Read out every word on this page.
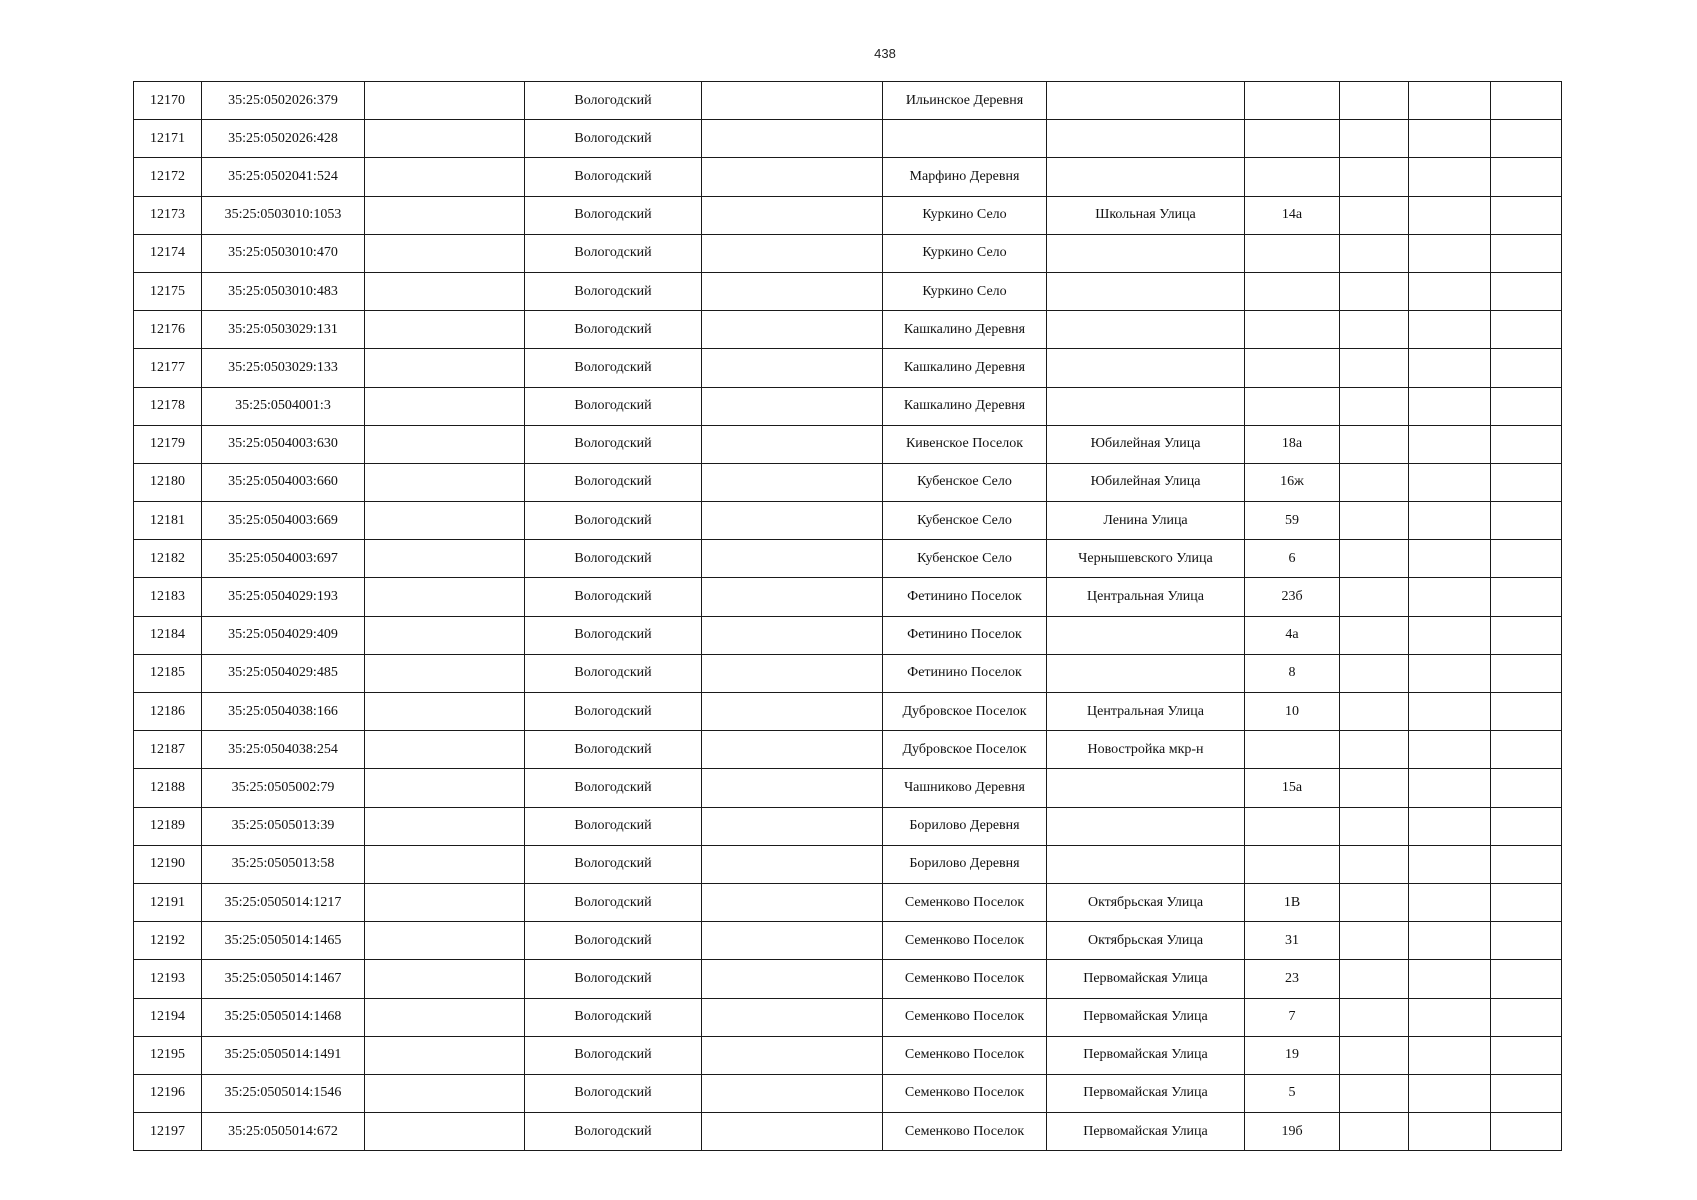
438
12170	35:25:0502026:379		Вологодский		Ильинское Деревня					
12171	35:25:0502026:428		Вологодский							
12172	35:25:0502041:524		Вологодский		Марфино Деревня					
12173	35:25:0503010:1053		Вологодский		Куркино Село	Школьная Улица	14а			
12174	35:25:0503010:470		Вологодский		Куркино Село					
12175	35:25:0503010:483		Вологодский		Куркино Село					
12176	35:25:0503029:131		Вологодский		Кашкалино Деревня					
12177	35:25:0503029:133		Вологодский		Кашкалино Деревня					
12178	35:25:0504001:3		Вологодский		Кашкалино Деревня					
12179	35:25:0504003:630		Вологодский		Кивенское Поселок	Юбилейная Улица	18а			
12180	35:25:0504003:660		Вологодский		Кубенское Село	Юбилейная Улица	16ж			
12181	35:25:0504003:669		Вологодский		Кубенское Село	Ленина Улица	59			
12182	35:25:0504003:697		Вологодский		Кубенское Село	Чернышевского Улица	6			
12183	35:25:0504029:193		Вологодский		Фетинино Поселок	Центральная Улица	23б			
12184	35:25:0504029:409		Вологодский		Фетинино Поселок		4а			
12185	35:25:0504029:485		Вологодский		Фетинино Поселок		8			
12186	35:25:0504038:166		Вологодский		Дубровское Поселок	Центральная Улица	10			
12187	35:25:0504038:254		Вологодский		Дубровское Поселок	Новостройка мкр-н				
12188	35:25:0505002:79		Вологодский		Чашниково Деревня		15а			
12189	35:25:0505013:39		Вологодский		Борилово Деревня					
12190	35:25:0505013:58		Вологодский		Борилово Деревня					
12191	35:25:0505014:1217		Вологодский		Семенково Поселок	Октябрьская Улица	1В			
12192	35:25:0505014:1465		Вологодский		Семенково Поселок	Октябрьская Улица	31			
12193	35:25:0505014:1467		Вологодский		Семенково Поселок	Первомайская Улица	23			
12194	35:25:0505014:1468		Вологодский		Семенково Поселок	Первомайская Улица	7			
12195	35:25:0505014:1491		Вологодский		Семенково Поселок	Первомайская Улица	19			
12196	35:25:0505014:1546		Вологодский		Семенково Поселок	Первомайская Улица	5			
12197	35:25:0505014:672		Вологодский		Семенково Поселок	Первомайская Улица	19б			
